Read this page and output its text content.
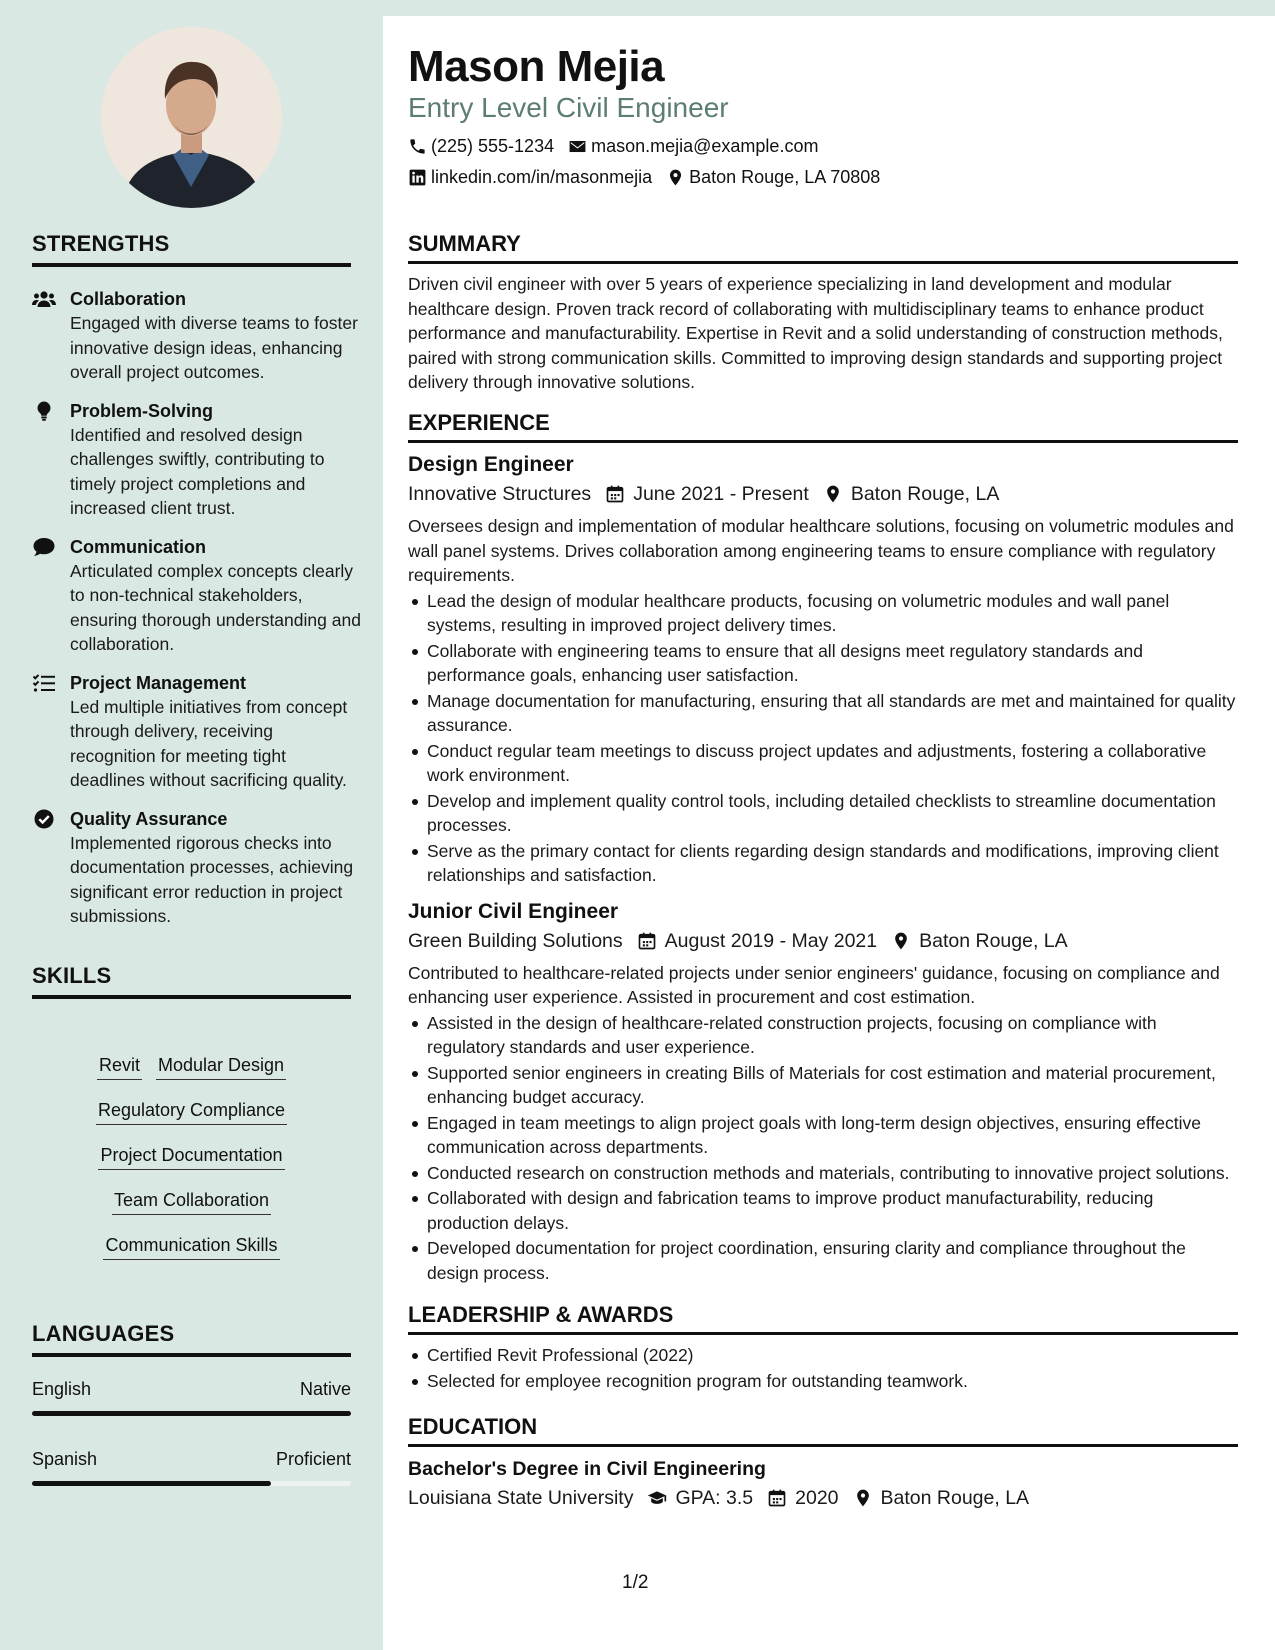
STRENGTHS
Collaboration
Engaged with diverse teams to foster innovative design ideas, enhancing overall project outcomes.
Problem-Solving
Identified and resolved design challenges swiftly, contributing to timely project completions and increased client trust.
Communication
Articulated complex concepts clearly to non-technical stakeholders, ensuring thorough understanding and collaboration.
Project Management
Led multiple initiatives from concept through delivery, receiving recognition for meeting tight deadlines without sacrificing quality.
Quality Assurance
Implemented rigorous checks into documentation processes, achieving significant error reduction in project submissions.
SKILLS
Revit Modular Design
Regulatory Compliance
Project Documentation
Team Collaboration
Communication Skills
LANGUAGES
English	Native
Spanish	Proficient
Mason Mejia
Entry Level Civil Engineer
(225) 555-1234 mason.mejia@example.com
linkedin.com/in/masonmejia Baton Rouge, LA 70808
SUMMARY
Driven civil engineer with over 5 years of experience specializing in land development and modular healthcare design. Proven track record of collaborating with multidisciplinary teams to enhance product performance and manufacturability. Expertise in Revit and a solid understanding of construction methods, paired with strong communication skills. Committed to improving design standards and supporting project delivery through innovative solutions.
EXPERIENCE
Design Engineer
Innovative Structures June 2021 - Present Baton Rouge, LA
Oversees design and implementation of modular healthcare solutions, focusing on volumetric modules and wall panel systems. Drives collaboration among engineering teams to ensure compliance with regulatory requirements.
Lead the design of modular healthcare products, focusing on volumetric modules and wall panel systems, resulting in improved project delivery times.
Collaborate with engineering teams to ensure that all designs meet regulatory standards and performance goals, enhancing user satisfaction.
Manage documentation for manufacturing, ensuring that all standards are met and maintained for quality assurance.
Conduct regular team meetings to discuss project updates and adjustments, fostering a collaborative work environment.
Develop and implement quality control tools, including detailed checklists to streamline documentation processes.
Serve as the primary contact for clients regarding design standards and modifications, improving client relationships and satisfaction.
Junior Civil Engineer
Green Building Solutions August 2019 - May 2021 Baton Rouge, LA
Contributed to healthcare-related projects under senior engineers' guidance, focusing on compliance and enhancing user experience. Assisted in procurement and cost estimation.
Assisted in the design of healthcare-related construction projects, focusing on compliance with regulatory standards and user experience.
Supported senior engineers in creating Bills of Materials for cost estimation and material procurement, enhancing budget accuracy.
Engaged in team meetings to align project goals with long-term design objectives, ensuring effective communication across departments.
Conducted research on construction methods and materials, contributing to innovative project solutions.
Collaborated with design and fabrication teams to improve product manufacturability, reducing production delays.
Developed documentation for project coordination, ensuring clarity and compliance throughout the design process.
LEADERSHIP & AWARDS
Certified Revit Professional (2022)
Selected for employee recognition program for outstanding teamwork.
EDUCATION
Bachelor's Degree in Civil Engineering
Louisiana State University GPA: 3.5 2020 Baton Rouge, LA
1/2
